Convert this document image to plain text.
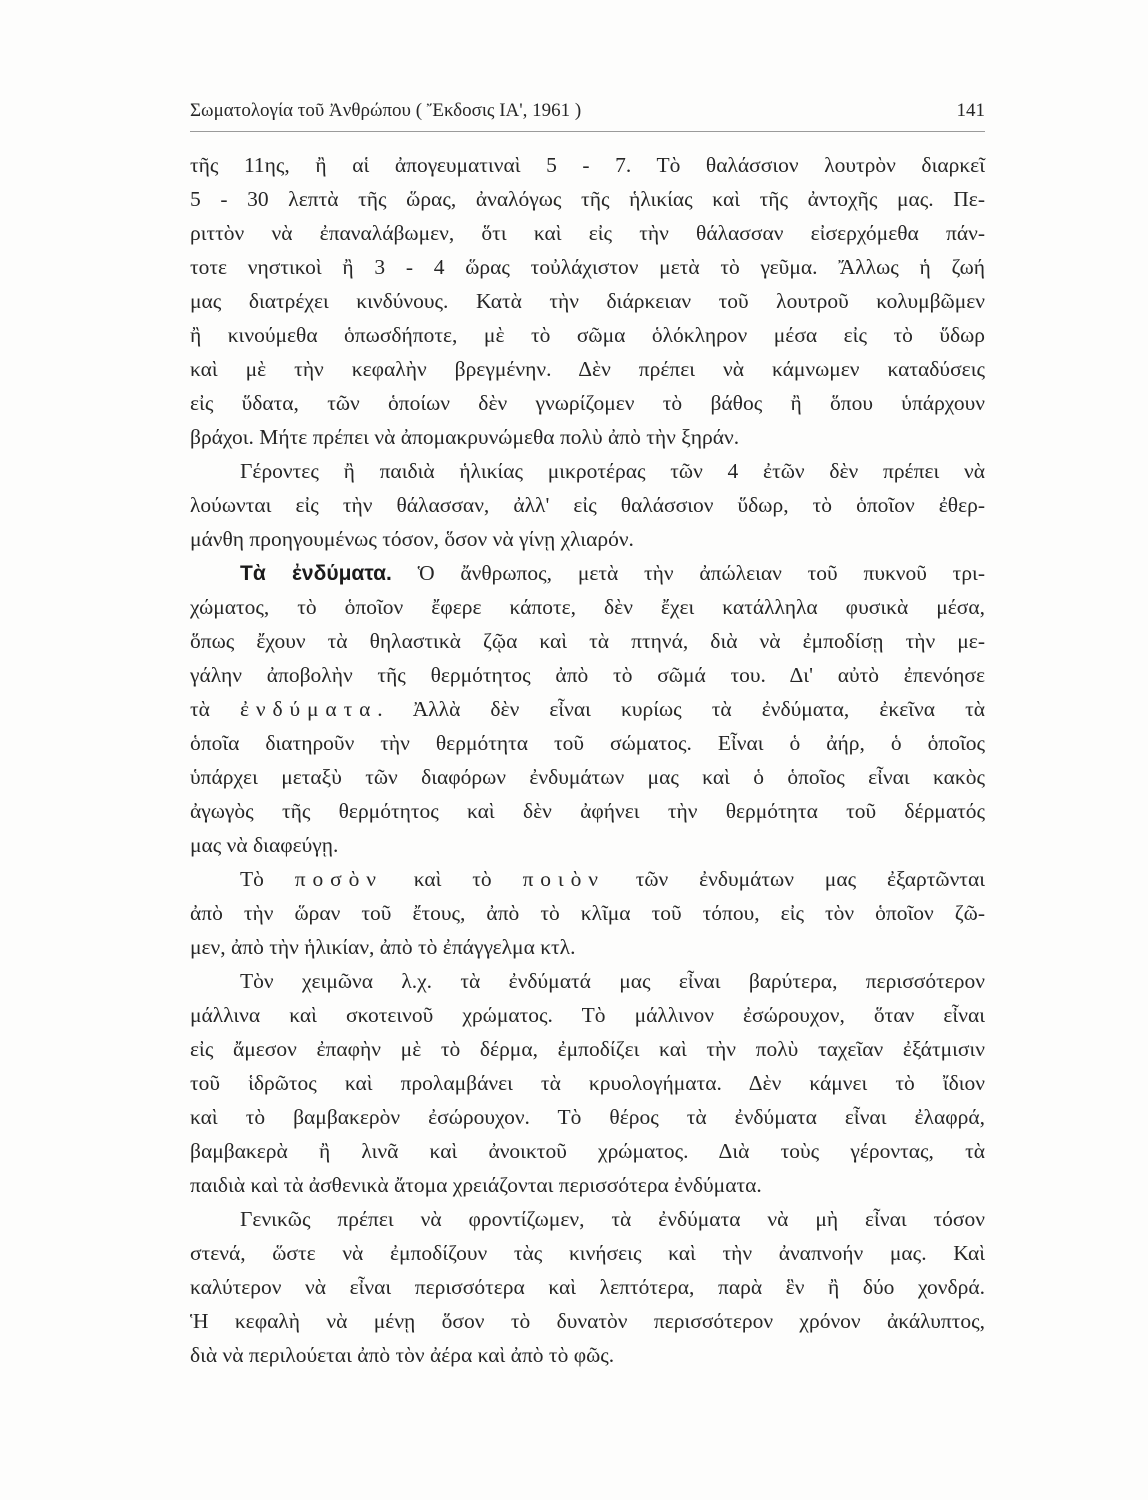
Σωματολογία τοῦ Ἀνθρώπου ( Ἔκδοσις ΙΑ', 1961 )	141
τῆς 11ης, ἢ αἱ ἀπογευματιναὶ 5 - 7. Τὸ θαλάσσιον λουτρὸν διαρκεῖ
5 - 30 λεπτὰ τῆς ὥρας, ἀναλόγως τῆς ἡλικίας καὶ τῆς ἀντοχῆς μας. Πε-
ριττὸν νὰ ἐπαναλάβωμεν, ὅτι καὶ εἰς τὴν θάλασσαν εἰσερχόμεθα πάν-
τοτε νηστικοὶ ἢ 3 - 4 ὥρας τοὐλάχιστον μετὰ τὸ γεῦμα. Ἄλλως ἡ ζωή
μας διατρέχει κινδύνους. Κατὰ τὴν διάρκειαν τοῦ λουτροῦ κολυμβῶμεν
ἢ κινούμεθα ὁπωσδήποτε, μὲ τὸ σῶμα ὁλόκληρον μέσα εἰς τὸ ὕδωρ
καὶ μὲ τὴν κεφαλὴν βρεγμένην. Δὲν πρέπει νὰ κάμνωμεν καταδύσεις
εἰς ὕδατα, τῶν ὁποίων δὲν γνωρίζομεν τὸ βάθος ἢ ὅπου ὑπάρχουν
βράχοι. Μήτε πρέπει νὰ ἀπομακρυνώμεθα πολὺ ἀπὸ τὴν ξηράν.
Γέροντες ἢ παιδιὰ ἡλικίας μικροτέρας τῶν 4 ἐτῶν δὲν πρέπει νὰ
λούωνται εἰς τὴν θάλασσαν, ἀλλ' εἰς θαλάσσιον ὕδωρ, τὸ ὁποῖον ἐθερ-
μάνθη προηγουμένως τόσον, ὅσον νὰ γίνῃ χλιαρόν.
Τὰ ἐνδύματα. Ὁ ἄνθρωπος, μετὰ τὴν ἀπώλειαν τοῦ πυκνοῦ τρι-
χώματος, τὸ ὁποῖον ἔφερε κάποτε, δὲν ἔχει κατάλληλα φυσικὰ μέσα,
ὅπως ἔχουν τὰ θηλαστικὰ ζῷα καὶ τὰ πτηνά, διὰ νὰ ἐμποδίσῃ τὴν με-
γάλην ἀποβολὴν τῆς θερμότητος ἀπὸ τὸ σῶμά του. Δι' αὐτὸ ἐπενόησε
τὰ ἐνδύματα. Ἀλλὰ δὲν εἶναι κυρίως τὰ ἐνδύματα, ἐκεῖνα τὰ
ὁποῖα διατηροῦν τὴν θερμότητα τοῦ σώματος. Εἶναι ὁ ἀήρ, ὁ ὁποῖος
ὑπάρχει μεταξὺ τῶν διαφόρων ἐνδυμάτων μας καὶ ὁ ὁποῖος εἶναι κακὸς
ἀγωγὸς τῆς θερμότητος καὶ δὲν ἀφήνει τὴν θερμότητα τοῦ δέρματός
μας νὰ διαφεύγῃ.
Τὸ ποσὸν καὶ τὸ ποιὸν τῶν ἐνδυμάτων μας ἐξαρτῶνται
ἀπὸ τὴν ὥραν τοῦ ἔτους, ἀπὸ τὸ κλῖμα τοῦ τόπου, εἰς τὸν ὁποῖον ζῶ-
μεν, ἀπὸ τὴν ἡλικίαν, ἀπὸ τὸ ἐπάγγελμα κτλ.
Τὸν χειμῶνα λ.χ. τὰ ἐνδύματά μας εἶναι βαρύτερα, περισσότερον
μάλλινα καὶ σκοτεινοῦ χρώματος. Τὸ μάλλινον ἐσώρουχον, ὅταν εἶναι
εἰς ἄμεσον ἐπαφὴν μὲ τὸ δέρμα, ἐμποδίζει καὶ τὴν πολὺ ταχεῖαν ἐξάτμισιν
τοῦ ἱδρῶτος καὶ προλαμβάνει τὰ κρυολογήματα. Δὲν κάμνει τὸ ἴδιον
καὶ τὸ βαμβακερὸν ἐσώρουχον. Τὸ θέρος τὰ ἐνδύματα εἶναι ἐλαφρά,
βαμβακερὰ ἢ λινᾶ καὶ ἀνοικτοῦ χρώματος. Διὰ τοὺς γέροντας, τὰ
παιδιὰ καὶ τὰ ἀσθενικὰ ἄτομα χρειάζονται περισσότερα ἐνδύματα.
Γενικῶς πρέπει νὰ φροντίζωμεν, τὰ ἐνδύματα νὰ μὴ εἶναι τόσον
στενά, ὥστε νὰ ἐμποδίζουν τὰς κινήσεις καὶ τὴν ἀναπνοήν μας. Καὶ
καλύτερον νὰ εἶναι περισσότερα καὶ λεπτότερα, παρὰ ἓν ἢ δύο χονδρά.
Ἡ κεφαλὴ νὰ μένῃ ὅσον τὸ δυνατὸν περισσότερον χρόνον ἀκάλυπτος,
διὰ νὰ περιλούεται ἀπὸ τὸν ἀέρα καὶ ἀπὸ τὸ φῶς.
